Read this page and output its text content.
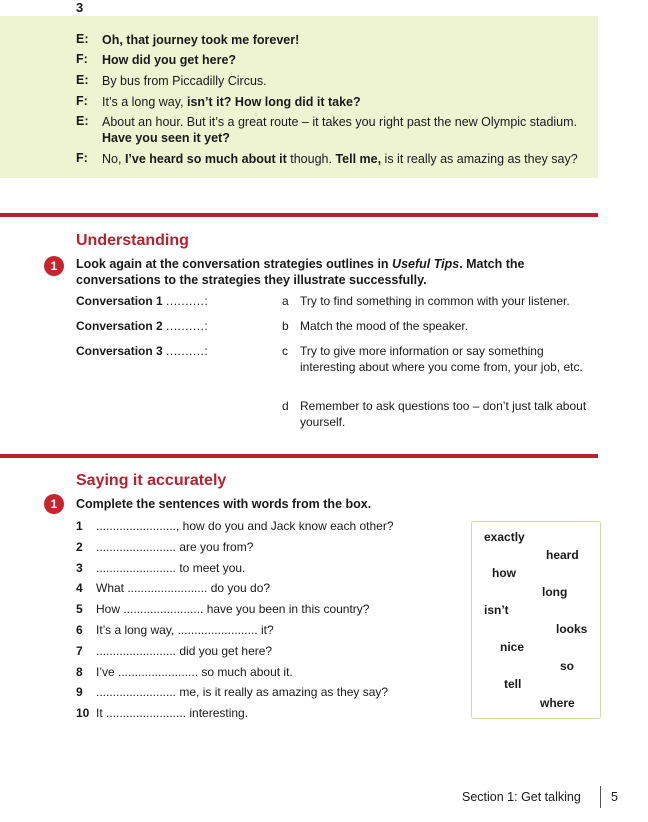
3
E: Oh, that journey took me forever!
F: How did you get here?
E: By bus from Piccadilly Circus.
F: It’s a long way, isn’t it? How long did it take?
E: About an hour. But it’s a great route – it takes you right past the new Olympic stadium. Have you seen it yet?
F: No, I’ve heard so much about it though. Tell me, is it really as amazing as they say?
Understanding
1	Look again at the conversation strategies outlines in Useful Tips. Match the conversations to the strategies they illustrate successfully.
Conversation 1 ..........:
Conversation 2 ..........:
Conversation 3 ..........:
a Try to find something in common with your listener.
b Match the mood of the speaker.
c Try to give more information or say something interesting about where you come from, your job, etc.
d Remember to ask questions too – don’t just talk about yourself.
Saying it accurately
1	Complete the sentences with words from the box.
1	........................, how do you and Jack know each other?
2	........................ are you from?
3	........................ to meet you.
4	What ........................ do you do?
5	How ........................ have you been in this country?
6	It’s a long way, ........................ it?
7	........................ did you get here?
8	I’ve ........................ so much about it.
9	........................ me, is it really as amazing as they say?
10 It ........................ interesting.
exactly
heard
how
long
isn’t
looks
nice
so
tell
where
Section 1: Get talking 5
